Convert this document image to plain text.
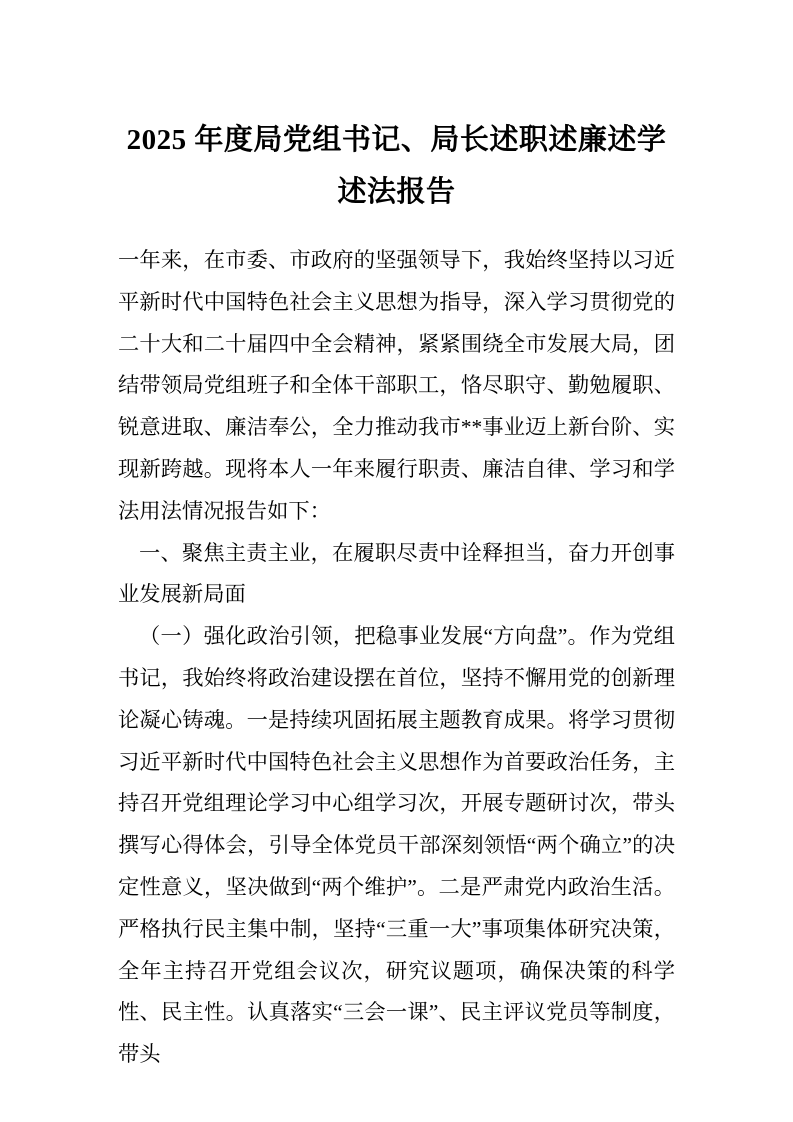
2025 年度局党组书记、局长述职述廉述学述法报告

一年来，在市委、市政府的坚强领导下，我始终坚持以习近平新时代中国特色社会主义思想为指导，深入学习贯彻党的二十大和二十届四中全会精神，紧紧围绕全市发展大局，团结带领局党组班子和全体干部职工，恪尽职守、勤勉履职、锐意进取、廉洁奉公，全力推动我市**事业迈上新台阶、实现新跨越。现将本人一年来履行职责、廉洁自律、学习和学法用法情况报告如下：

一、聚焦主责主业，在履职尽责中诠释担当，奋力开创事业发展新局面

（一）强化政治引领，把稳事业发展“方向盘”。作为党组书记，我始终将政治建设摆在首位，坚持不懈用党的创新理论凝心铸魂。一是持续巩固拓展主题教育成果。将学习贯彻习近平新时代中国特色社会主义思想作为首要政治任务，主持召开党组理论学习中心组学习次，开展专题研讨次，带头撰写心得体会，引导全体党员干部深刻领悟“两个确立”的决定性意义，坚决做到“两个维护”。二是严肃党内政治生活。严格执行民主集中制，坚持“三重一大”事项集体研究决策，全年主持召开党组会议次，研究议题项，确保决策的科学性、民主性。认真落实“三会一课”、民主评议党员等制度，带头
